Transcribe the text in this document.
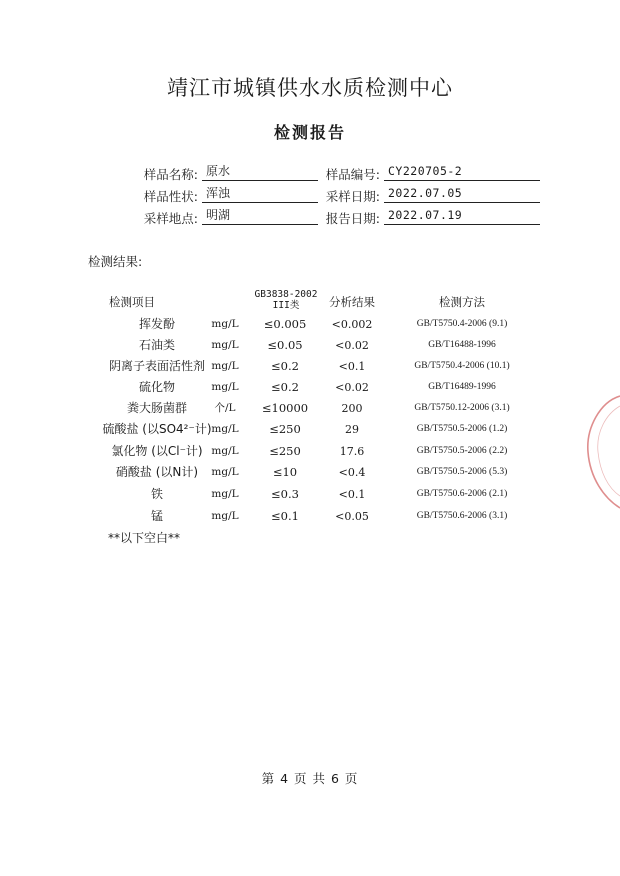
靖江市城镇供水水质检测中心
检测报告
样品名称: 原水	样品编号: CY220705-2
样品性状: 浑浊	采样日期: 2022.07.05
采样地点: 明湖	报告日期: 2022.07.19
检测结果:
检测项目
GB3838-2002
III类	分析结果	检测方法
挥发酚	mg/L	≤0.005	<0.002	GB/T5750.4-2006 (9.1)
石油类	mg/L	≤0.05	<0.02	GB/T16488-1996
阴离子表面活性剂 mg/L	≤0.2	<0.1	GB/T5750.4-2006 (10.1)
硫化物	mg/L	≤0.2	<0.02	GB/T16489-1996
粪大肠菌群	个/L	≤10000	200	GB/T5750.12-2006 (3.1)
硫酸盐 (以SO4²⁻计) mg/L	≤250	29	GB/T5750.5-2006 (1.2)
氯化物 (以Cl⁻计) mg/L	≤250	17.6	GB/T5750.5-2006 (2.2)
硝酸盐 (以N计)	mg/L	≤10	<0.4	GB/T5750.5-2006 (5.3)
铁	mg/L	≤0.3	<0.1	GB/T5750.6-2006 (2.1)
锰	mg/L	≤0.1	<0.05	GB/T5750.6-2006 (3.1)
**以下空白**
第 4 页 共 6 页
